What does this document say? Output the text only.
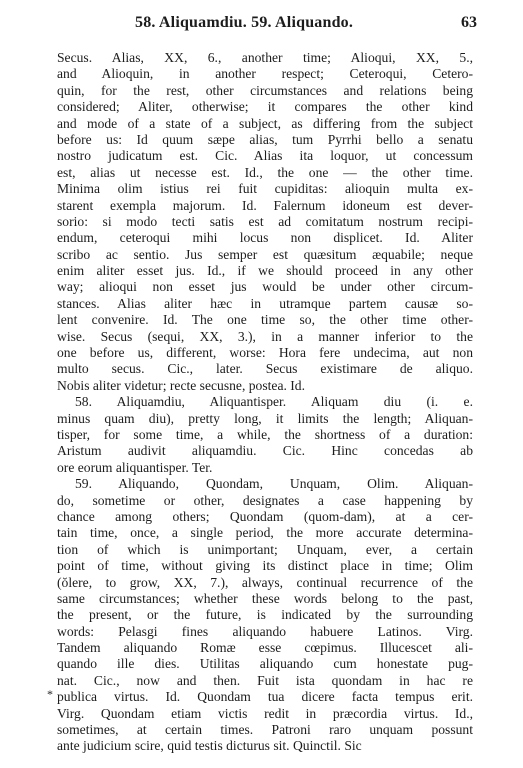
58. Aliquamdiu. 59. Aliquando.	63
*
Secus. Alias, XX, 6., another time; Alioqui, XX, 5.,
and Alioquin, in another respect; Ceteroqui, Cetero-
quin, for the rest, other circumstances and relations being
considered; Aliter, otherwise; it compares the other kind
and mode of a state of a subject, as differing from the subject
before us: Id quum sæpe alias, tum Pyrrhi bello a senatu
nostro judicatum est. Cic. Alias ita loquor, ut concessum
est, alias ut necesse est. Id., the one — the other time.
Minima olim istius rei fuit cupiditas: alioquin multa ex-
starent exempla majorum. Id. Falernum idoneum est dever-
sorio: si modo tecti satis est ad comitatum nostrum recipi-
endum, ceteroqui mihi locus non displicet. Id. Aliter
scribo ac sentio. Jus semper est quæsitum æquabile; neque
enim aliter esset jus. Id., if we should proceed in any other
way; alioqui non esset jus would be under other circum-
stances. Alias aliter hæc in utramque partem causæ so-
lent convenire. Id. The one time so, the other time other-
wise. Secus (sequi, XX, 3.), in a manner inferior to the
one before us, different, worse: Hora fere undecima, aut non
multo secus. Cic., later. Secus existimare de aliquo.
Nobis aliter videtur; recte secusne, postea. Id.
58. Aliquamdiu, Aliquantisper. Aliquam diu (i. e.
minus quam diu), pretty long, it limits the length; Aliquan-
tisper, for some time, a while, the shortness of a duration:
Aristum audivit aliquamdiu. Cic. Hinc concedas ab
ore eorum aliquantisper. Ter.
59. Aliquando, Quondam, Unquam, Olim. Aliquan-
do, sometime or other, designates a case happening by
chance among others; Quondam (quom-dam), at a cer-
tain time, once, a single period, the more accurate determina-
tion of which is unimportant; Unquam, ever, a certain
point of time, without giving its distinct place in time; Olim
(ŏlere, to grow, XX, 7.), always, continual recurrence of the
same circumstances; whether these words belong to the past,
the present, or the future, is indicated by the surrounding
words: Pelasgi fines aliquando habuere Latinos. Virg.
Tandem aliquando Romæ esse cœpimus. Illucescet ali-
quando ille dies. Utilitas aliquando cum honestate pug-
nat. Cic., now and then. Fuit ista quondam in hac re
publica virtus. Id. Quondam tua dicere facta tempus erit.
Virg. Quondam etiam victis redit in præcordia virtus. Id.,
sometimes, at certain times. Patroni raro unquam possunt
ante judicium scire, quid testis dicturus sit. Quinctil. Sic
